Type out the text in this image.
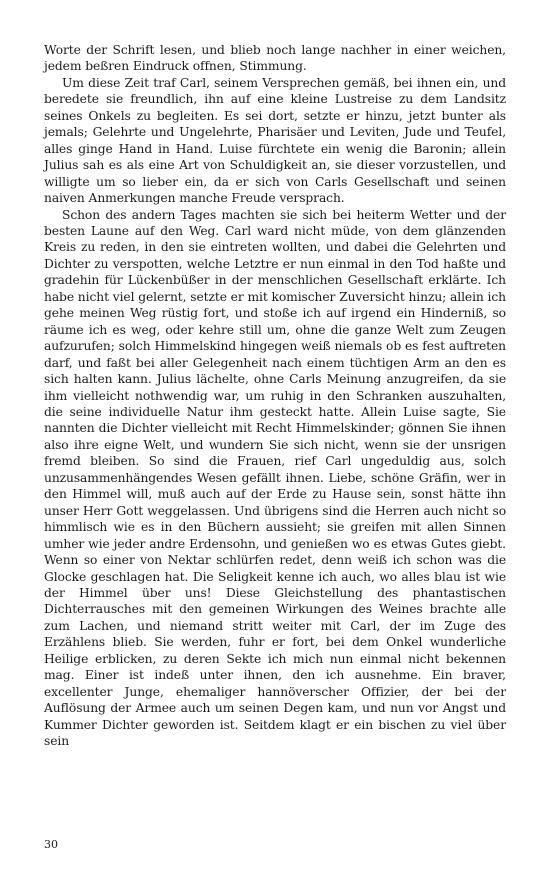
Worte der Schrift lesen, und blieb noch lange nachher in einer weichen, jedem beßren Eindruck offnen, Stimmung.

Um diese Zeit traf Carl, seinem Versprechen gemäß, bei ihnen ein, und beredete sie freundlich, ihn auf eine kleine Lustreise zu dem Landsitz seines Onkels zu begleiten. Es sei dort, setzte er hinzu, jetzt bunter als jemals; Gelehrte und Ungelehrte, Pharisäer und Leviten, Jude und Teufel, alles ginge Hand in Hand. Luise fürchtete ein wenig die Baronin; allein Julius sah es als eine Art von Schuldigkeit an, sie dieser vorzustellen, und willigte um so lieber ein, da er sich von Carls Gesellschaft und seinen naiven Anmerkungen manche Freude versprach.

Schon des andern Tages machten sie sich bei heiterm Wetter und der besten Laune auf den Weg. Carl ward nicht müde, von dem glänzenden Kreis zu reden, in den sie eintreten wollten, und dabei die Gelehrten und Dichter zu verspotten, welche Letztre er nun einmal in den Tod haßte und gradehin für Lückenbüßer in der menschlichen Gesellschaft erklärte. Ich habe nicht viel gelernt, setzte er mit komischer Zuversicht hinzu; allein ich gehe meinen Weg rüstig fort, und stoße ich auf irgend ein Hinderniß, so räume ich es weg, oder kehre still um, ohne die ganze Welt zum Zeugen aufzurufen; solch Himmelskind hingegen weiß niemals ob es fest auftreten darf, und faßt bei aller Gelegenheit nach einem tüchtigen Arm an den es sich halten kann. Julius lächelte, ohne Carls Meinung anzugreifen, da sie ihm vielleicht nothwendig war, um ruhig in den Schranken auszuhalten, die seine individuelle Natur ihm gesteckt hatte. Allein Luise sagte, Sie nannten die Dichter vielleicht mit Recht Himmelskinder; gönnen Sie ihnen also ihre eigne Welt, und wundern Sie sich nicht, wenn sie der unsrigen fremd bleiben. So sind die Frauen, rief Carl ungeduldig aus, solch unzusammenhängendes Wesen gefällt ihnen. Liebe, schöne Gräfin, wer in den Himmel will, muß auch auf der Erde zu Hause sein, sonst hätte ihn unser Herr Gott weggelassen. Und übrigens sind die Herren auch nicht so himmlisch wie es in den Büchern aussieht; sie greifen mit allen Sinnen umher wie jeder andre Erdensohn, und genießen wo es etwas Gutes giebt. Wenn so einer von Nektar schlürfen redet, denn weiß ich schon was die Glocke geschlagen hat. Die Seligkeit kenne ich auch, wo alles blau ist wie der Himmel über uns! Diese Gleichstellung des phantastischen Dichterrausches mit den gemeinen Wirkungen des Weines brachte alle zum Lachen, und niemand stritt weiter mit Carl, der im Zuge des Erzählens blieb. Sie werden, fuhr er fort, bei dem Onkel wunderliche Heilige erblicken, zu deren Sekte ich mich nun einmal nicht bekennen mag. Einer ist indeß unter ihnen, den ich ausnehme. Ein braver, excellenter Junge, ehemaliger hannöverscher Offizier, der bei der Auflösung der Armee auch um seinen Degen kam, und nun vor Angst und Kummer Dichter geworden ist. Seitdem klagt er ein bischen zu viel über sein

30
